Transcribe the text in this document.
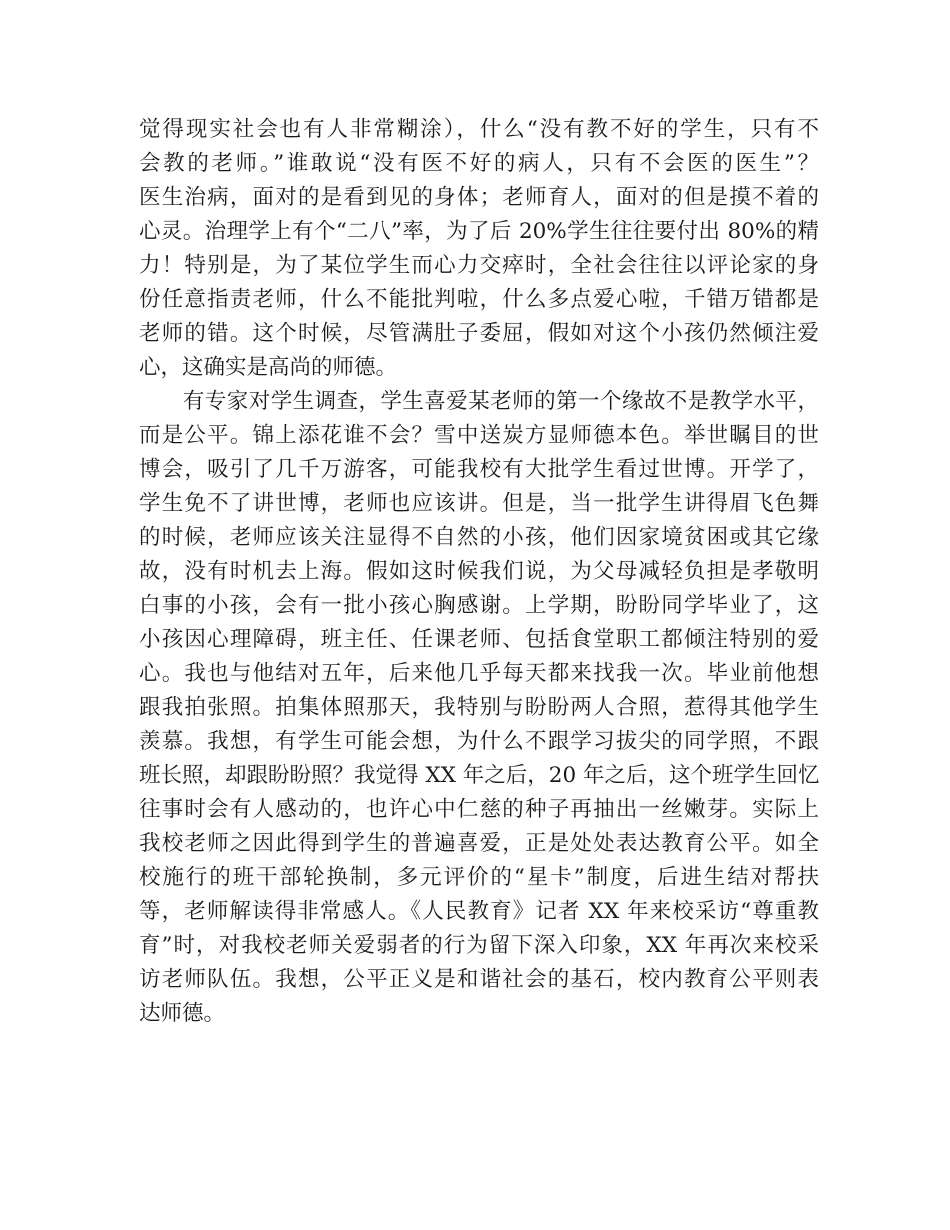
觉得现实社会也有人非常糊涂），什么“没有教不好的学生，只有不
会教的老师。”谁敢说“没有医不好的病人，只有不会医的医生”？
医生治病，面对的是看到见的身体；老师育人，面对的但是摸不着的
心灵。治理学上有个“二八”率，为了后 20%学生往往要付出 80%的精
力！特别是，为了某位学生而心力交瘁时，全社会往往以评论家的身
份任意指责老师，什么不能批判啦，什么多点爱心啦，千错万错都是
老师的错。这个时候，尽管满肚子委屈，假如对这个小孩仍然倾注爱
心，这确实是高尚的师德。
　　有专家对学生调查，学生喜爱某老师的第一个缘故不是教学水平，
而是公平。锦上添花谁不会？雪中送炭方显师德本色。举世瞩目的世
博会，吸引了几千万游客，可能我校有大批学生看过世博。开学了，
学生免不了讲世博，老师也应该讲。但是，当一批学生讲得眉飞色舞
的时候，老师应该关注显得不自然的小孩，他们因家境贫困或其它缘
故，没有时机去上海。假如这时候我们说，为父母减轻负担是孝敬明
白事的小孩，会有一批小孩心胸感谢。上学期，盼盼同学毕业了，这
小孩因心理障碍，班主任、任课老师、包括食堂职工都倾注特别的爱
心。我也与他结对五年，后来他几乎每天都来找我一次。毕业前他想
跟我拍张照。拍集体照那天，我特别与盼盼两人合照，惹得其他学生
羡慕。我想，有学生可能会想，为什么不跟学习拔尖的同学照，不跟
班长照，却跟盼盼照？我觉得 XX 年之后，20 年之后，这个班学生回忆
往事时会有人感动的，也许心中仁慈的种子再抽出一丝嫩芽。实际上
我校老师之因此得到学生的普遍喜爱，正是处处表达教育公平。如全
校施行的班干部轮换制，多元评价的“星卡”制度，后进生结对帮扶
等，老师解读得非常感人。《人民教育》记者 XX 年来校采访“尊重教
育”时，对我校老师关爱弱者的行为留下深入印象，XX 年再次来校采
访老师队伍。我想，公平正义是和谐社会的基石，校内教育公平则表
达师德。
